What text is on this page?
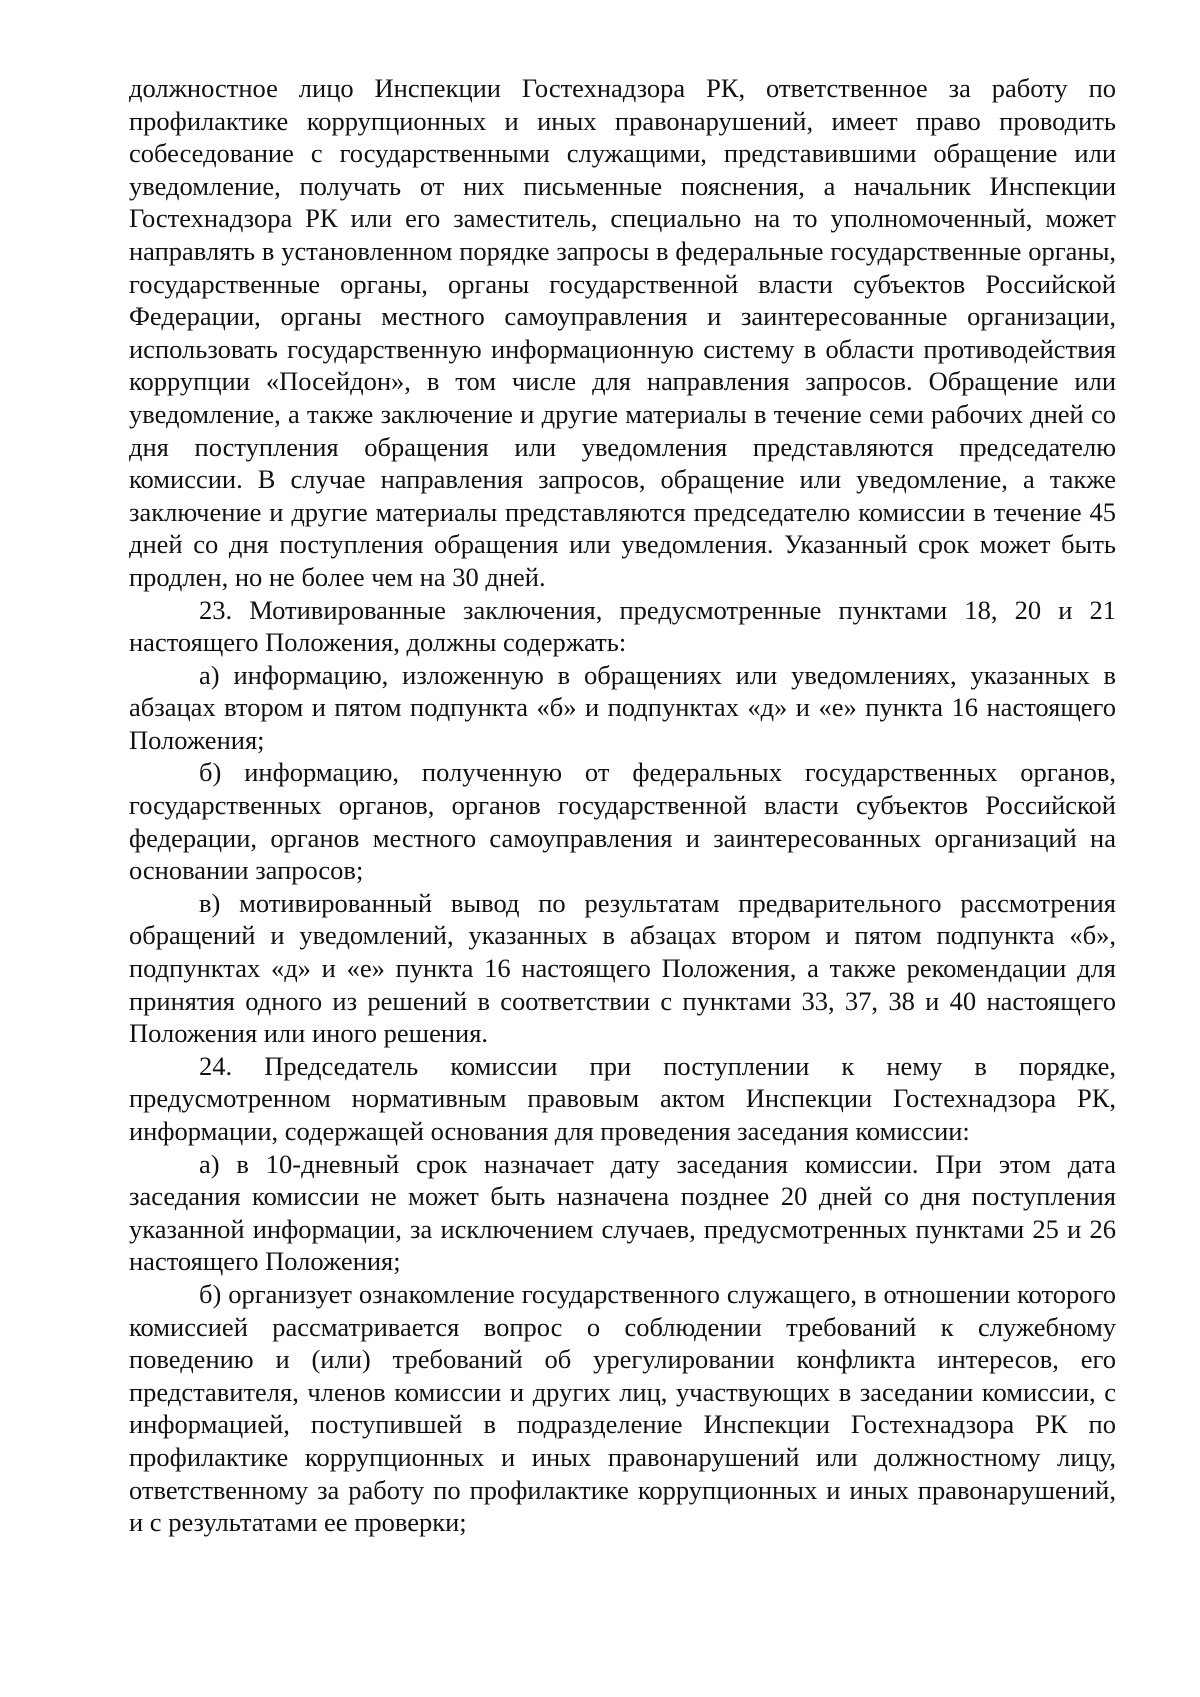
должностное лицо Инспекции Гостехнадзора РК, ответственное за работу по профилактике коррупционных и иных правонарушений, имеет право проводить собеседование с государственными служащими, представившими обращение или уведомление, получать от них письменные пояснения, а начальник Инспекции Гостехнадзора РК или его заместитель, специально на то уполномоченный, может направлять в установленном порядке запросы в федеральные государственные органы, государственные органы, органы государственной власти субъектов Российской Федерации, органы местного самоуправления и заинтересованные организации, использовать государственную информационную систему в области противодействия коррупции «Посейдон», в том числе для направления запросов. Обращение или уведомление, а также заключение и другие материалы в течение семи рабочих дней со дня поступления обращения или уведомления представляются председателю комиссии. В случае направления запросов, обращение или уведомление, а также заключение и другие материалы представляются председателю комиссии в течение 45 дней со дня поступления обращения или уведомления. Указанный срок может быть продлен, но не более чем на 30 дней.

23. Мотивированные заключения, предусмотренные пунктами 18, 20 и 21 настоящего Положения, должны содержать:

а) информацию, изложенную в обращениях или уведомлениях, указанных в абзацах втором и пятом подпункта «б» и подпунктах «д» и «е» пункта 16 настоящего Положения;

б) информацию, полученную от федеральных государственных органов, государственных органов, органов государственной власти субъектов Российской федерации, органов местного самоуправления и заинтересованных организаций на основании запросов;

в) мотивированный вывод по результатам предварительного рассмотрения обращений и уведомлений, указанных в абзацах втором и пятом подпункта «б», подпунктах «д» и «е» пункта 16 настоящего Положения, а также рекомендации для принятия одного из решений в соответствии с пунктами 33, 37, 38 и 40 настоящего Положения или иного решения.

24. Председатель комиссии при поступлении к нему в порядке, предусмотренном нормативным правовым актом Инспекции Гостехнадзора РК, информации, содержащей основания для проведения заседания комиссии:

а) в 10-дневный срок назначает дату заседания комиссии. При этом дата заседания комиссии не может быть назначена позднее 20 дней со дня поступления указанной информации, за исключением случаев, предусмотренных пунктами 25 и 26 настоящего Положения;

б) организует ознакомление государственного служащего, в отношении которого комиссией рассматривается вопрос о соблюдении требований к служебному поведению и (или) требований об урегулировании конфликта интересов, его представителя, членов комиссии и других лиц, участвующих в заседании комиссии, с информацией, поступившей в подразделение Инспекции Гостехнадзора РК по профилактике коррупционных и иных правонарушений или должностному лицу, ответственному за работу по профилактике коррупционных и иных правонарушений, и с результатами ее проверки;
